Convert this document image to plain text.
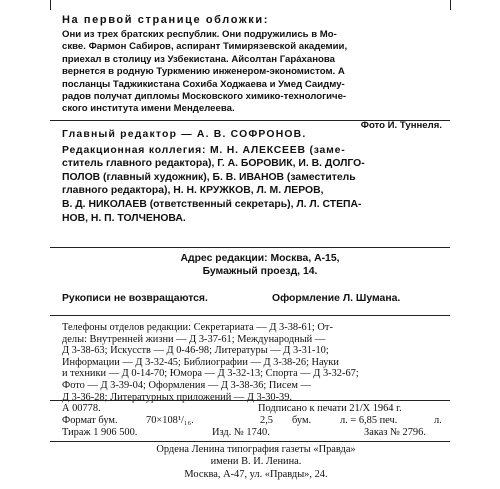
На первой странице обложки:

Они из трех братских республик. Они подружились в Мо-

скве. Фармон Сабиров, аспирант Тимирязевской академии,

приехал в столицу из Узбекистана. Айсолтан Гарáханова

вернется в родную Туркмению инженером-экономистом. А

посланцы Таджикистана Сохиба Ходжаева и Умед Саидму-

радов получат дипломы Московского химико-технологиче-

ского института имени Менделеева.

Фото И. Туннеля.

Главный редактор — А. В. СОФРОНОВ.

Редакционная коллегия: М. Н. АЛЕКСЕЕВ (заме-

ститель главного редактора), Г. А. БОРОВИК, И. В. ДОЛГО-

ПОЛОВ (главный художник), Б. В. ИВАНОВ (заместитель

главного редактора), Н. Н. КРУЖКОВ, Л. М. ЛЕРОВ,

В. Д. НИКОЛАЕВ (ответственный секретарь), Л. Л. СТЕПА-

НОВ, Н. П. ТОЛЧЕНОВА.

Адрес редакции: Москва, А-15,

Бумажный проезд, 14.

Рукописи не возвращаются.	Оформление Л. Шумана.

Телефоны отделов редакции: Секретариата — Д 3-38-61; От-

делы: Внутренней жизни — Д 3-37-61; Международный —

Д 3-38-63; Искусств — Д 0-46-98; Литературы — Д 3-31-10;

Информации — Д 3-32-45; Библиографии — Д 3-38-26; Науки

и техники — Д 0-14-70; Юмора — Д 3-32-13; Спорта — Д 3-32-67;

Фото — Д 3-39-04; Оформления — Д 3-38-36; Писем —

Д 3-36-28; Литературных приложений — Д 3-30-39.

А 00778.	Подписано к печати 21/X 1964 г.
Формат бум.	70×108¹/₁₆.	2,5 бум.	л. = 6,85 печ.	л.
Тираж 1 906 500.	Изд. № 1740.	Заказ № 2796.

Ордена Ленина типография газеты «Правда»

имени В. И. Ленина.

Москва, А-47, ул. «Правды», 24.
